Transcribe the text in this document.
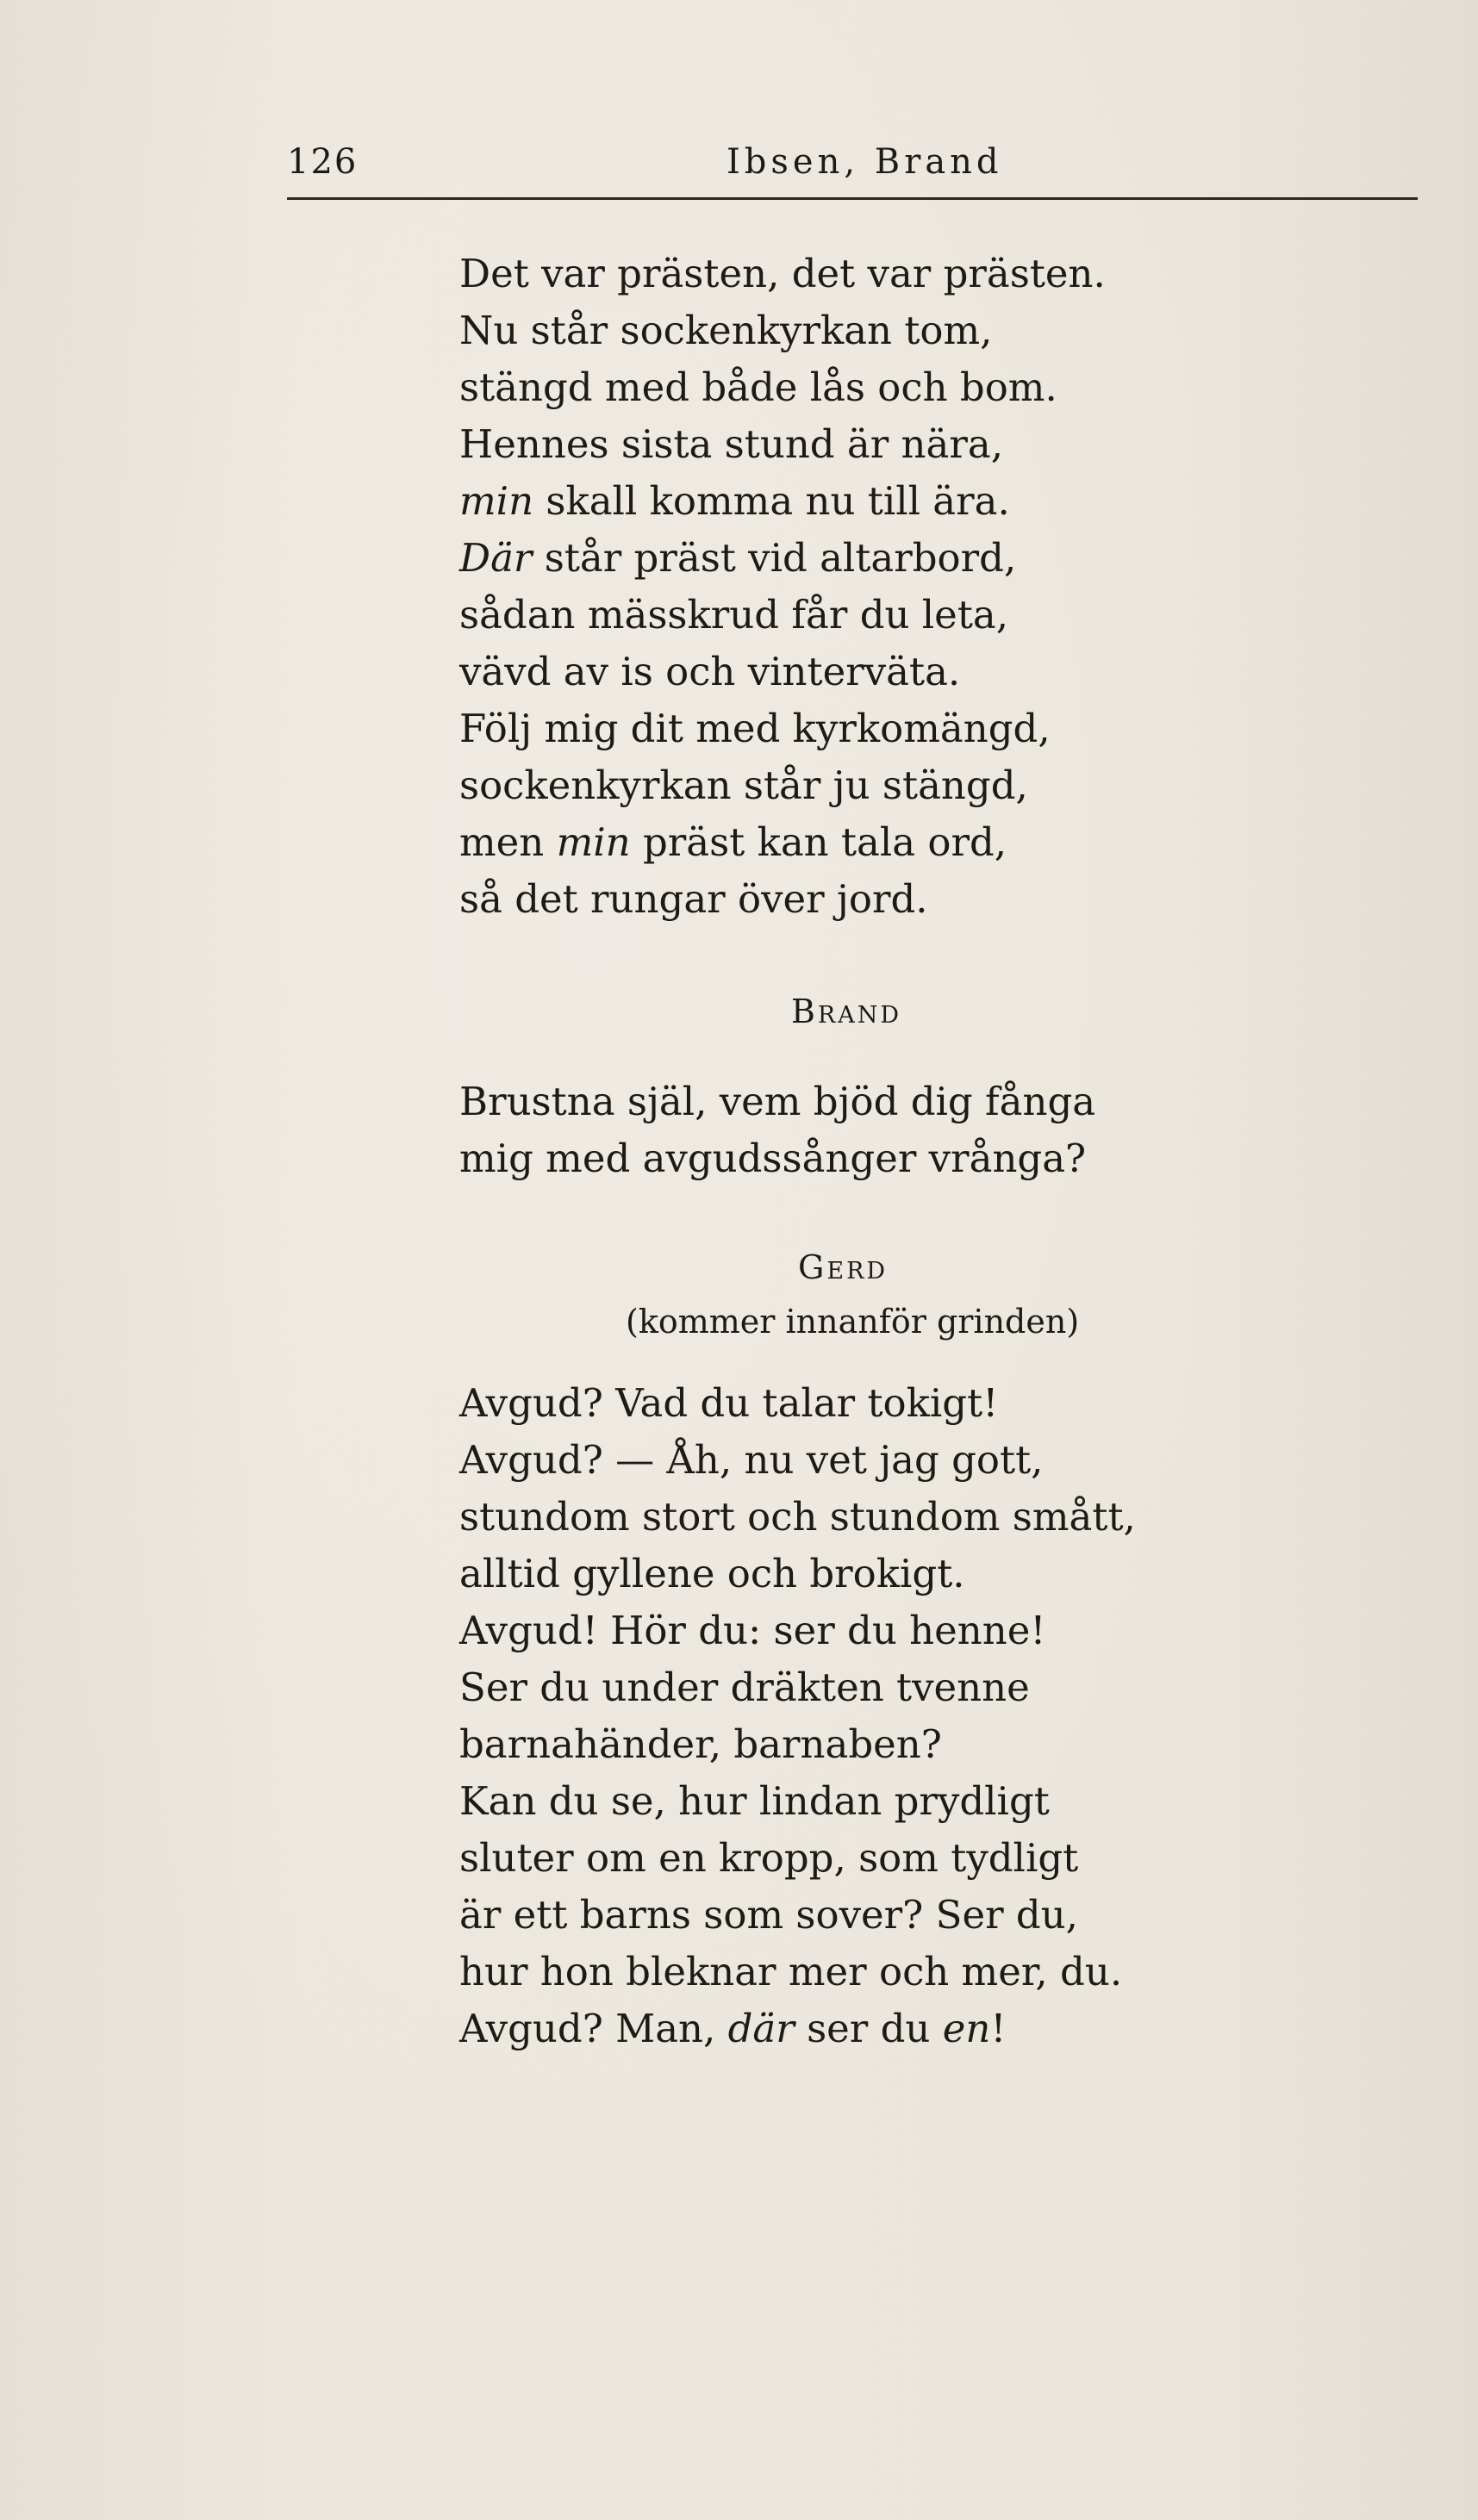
126	Ibsen, Brand
Det var prästen, det var prästen.
Nu står sockenkyrkan tom,
stängd med både lås och bom.
Hennes sista stund är nära,
min skall komma nu till ära.
Där står präst vid altarbord,
sådan mässkrud får du leta,
vävd av is och vinterväta.
Följ mig dit med kyrkomängd,
sockenkyrkan står ju stängd,
men min präst kan tala ord,
så det rungar över jord.
Brand
Brustna själ, vem bjöd dig fånga
mig med avgudssånger vrånga?
Gerd
(kommer innanför grinden)
Avgud? Vad du talar tokigt!
Avgud? — Åh, nu vet jag gott,
stundom stort och stundom smått,
alltid gyllene och brokigt.
Avgud! Hör du: ser du henne!
Ser du under dräkten tvenne
barnahänder, barnaben?
Kan du se, hur lindan prydligt
sluter om en kropp, som tydligt
är ett barns som sover? Ser du,
hur hon bleknar mer och mer, du.
Avgud? Man, där ser du en!
